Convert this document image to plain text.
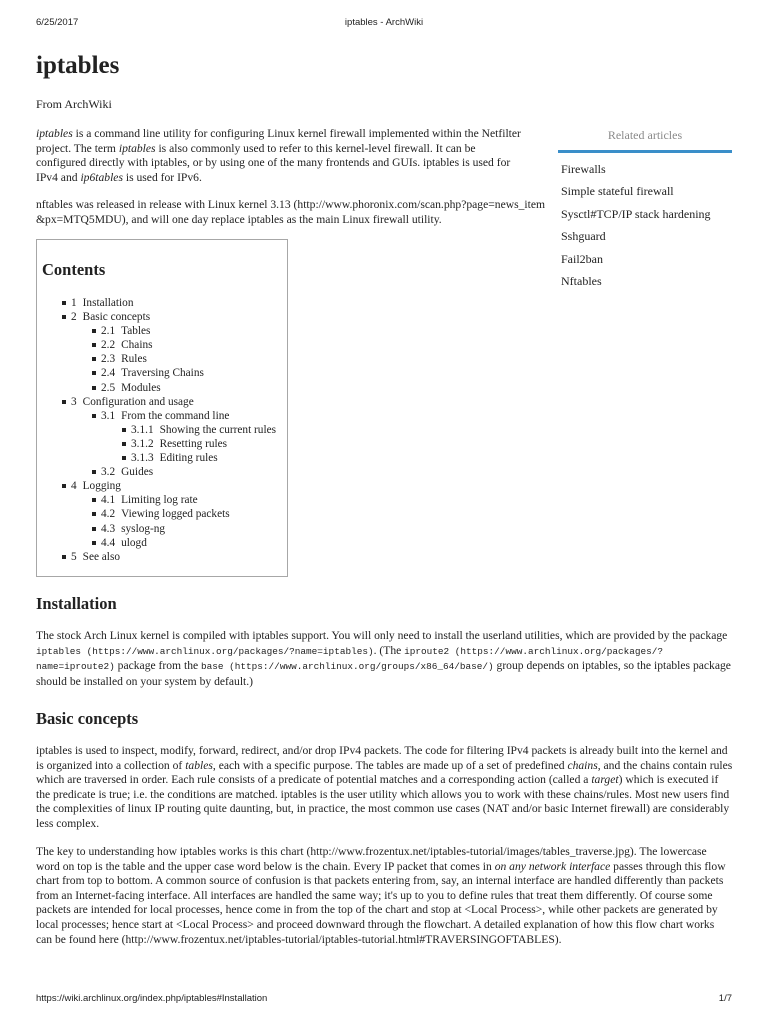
6/25/2017	iptables - ArchWiki
iptables
From ArchWiki

iptables is a command line utility for configuring Linux kernel firewall implemented within the Netfilter project. The term iptables is also commonly used to refer to this kernel-level firewall. It can be configured directly with iptables, or by using one of the many frontends and GUIs. iptables is used for IPv4 and ip6tables is used for IPv6.

nftables was released in release with Linux kernel 3.13 (http://www.phoronix.com/scan.php?page=news_item&px=MTQ5MDU), and will one day replace iptables as the main Linux firewall utility.

Related articles
Firewalls
Simple stateful firewall
Sysctl#TCP/IP stack hardening
Sshguard
Fail2ban
Nftables
Contents
1 Installation
2 Basic concepts
2.1 Tables
2.2 Chains
2.3 Rules
2.4 Traversing Chains
2.5 Modules
3 Configuration and usage
3.1 From the command line
3.1.1 Showing the current rules
3.1.2 Resetting rules
3.1.3 Editing rules
3.2 Guides
4 Logging
4.1 Limiting log rate
4.2 Viewing logged packets
4.3 syslog-ng
4.4 ulogd
5 See also
Installation

The stock Arch Linux kernel is compiled with iptables support. You will only need to install the userland utilities, which are provided by the package iptables (https://www.archlinux.org/packages/?name=iptables). (The iproute2 (https://www.archlinux.org/packages/?name=iproute2) package from the base (https://www.archlinux.org/groups/x86_64/base/) group depends on iptables, so the iptables package should be installed on your system by default.)

Basic concepts

iptables is used to inspect, modify, forward, redirect, and/or drop IPv4 packets. The code for filtering IPv4 packets is already built into the kernel and is organized into a collection of tables, each with a specific purpose. The tables are made up of a set of predefined chains, and the chains contain rules which are traversed in order. Each rule consists of a predicate of potential matches and a corresponding action (called a target) which is executed if the predicate is true; i.e. the conditions are matched. iptables is the user utility which allows you to work with these chains/rules. Most new users find the complexities of linux IP routing quite daunting, but, in practice, the most common use cases (NAT and/or basic Internet firewall) are considerably less complex.

The key to understanding how iptables works is this chart (http://www.frozentux.net/iptables-tutorial/images/tables_traverse.jpg). The lowercase word on top is the table and the upper case word below is the chain. Every IP packet that comes in on any network interface passes through this flow chart from top to bottom. A common source of confusion is that packets entering from, say, an internal interface are handled differently than packets from an Internet-facing interface. All interfaces are handled the same way; it's up to you to define rules that treat them differently. Of course some packets are intended for local processes, hence come in from the top of the chart and stop at <Local Process>, while other packets are generated by local processes; hence start at <Local Process> and proceed downward through the flowchart. A detailed explanation of how this flow chart works can be found here (http://www.frozentux.net/iptables-tutorial/iptables-tutorial.html#TRAVERSINGOFTABLES).

https://wiki.archlinux.org/index.php/iptables#Installation	1/7
